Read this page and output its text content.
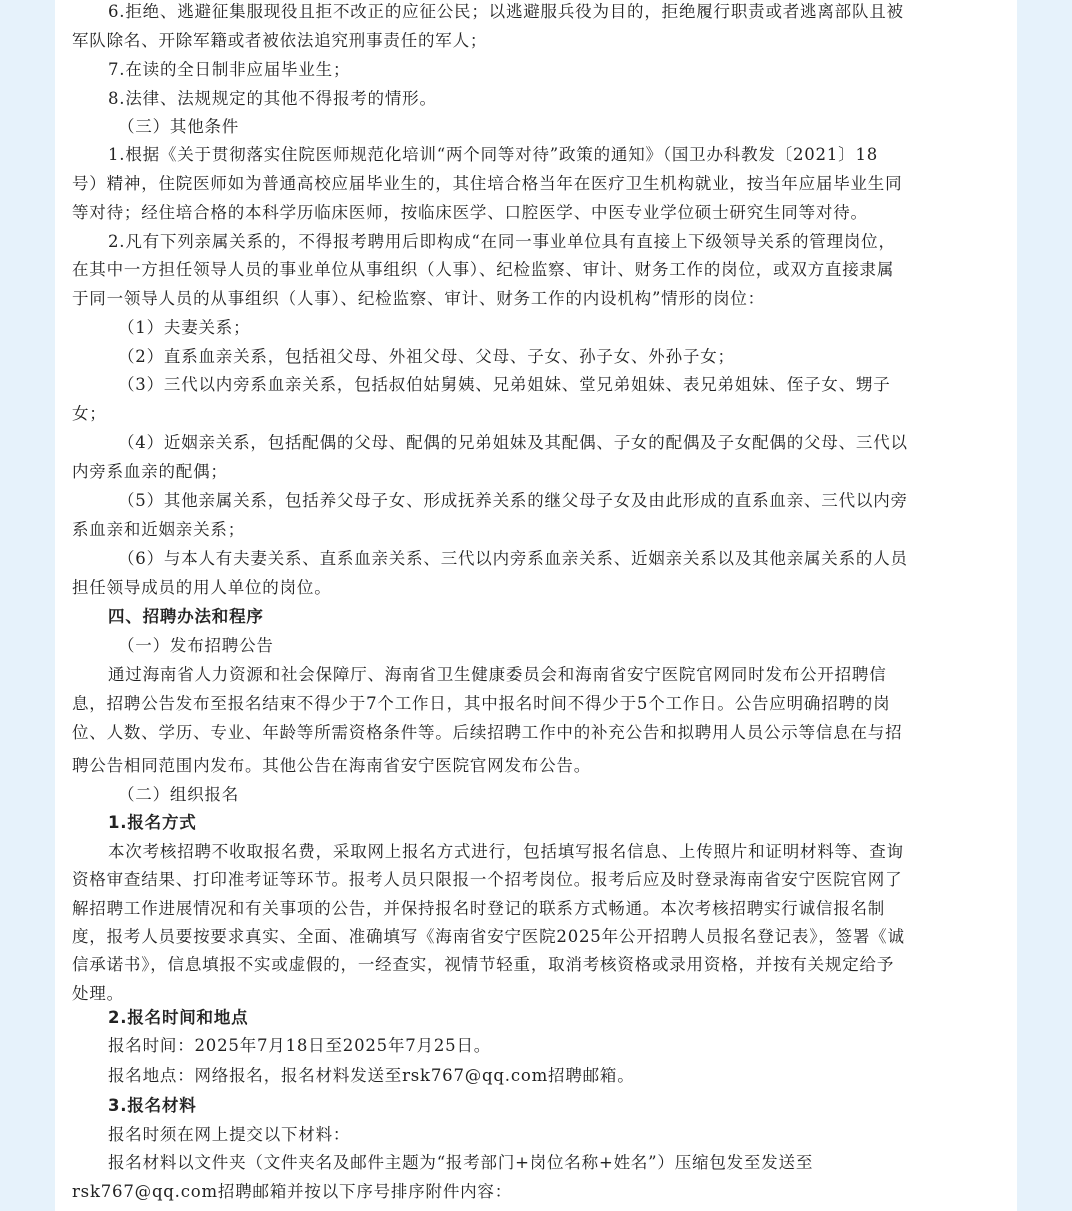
6.拒绝、逃避征集服现役且拒不改正的应征公民；以逃避服兵役为目的，拒绝履行职责或者逃离部队且被
军队除名、开除军籍或者被依法追究刑事责任的军人；
7.在读的全日制非应届毕业生；
8.法律、法规规定的其他不得报考的情形。
（三）其他条件
1.根据《关于贯彻落实住院医师规范化培训“两个同等对待”政策的通知》（国卫办科教发〔2021〕18
号）精神，住院医师如为普通高校应届毕业生的，其住培合格当年在医疗卫生机构就业，按当年应届毕业生同
等对待；经住培合格的本科学历临床医师，按临床医学、口腔医学、中医专业学位硕士研究生同等对待。
2.凡有下列亲属关系的，不得报考聘用后即构成“在同一事业单位具有直接上下级领导关系的管理岗位，
在其中一方担任领导人员的事业单位从事组织（人事）、纪检监察、审计、财务工作的岗位，或双方直接隶属
于同一领导人员的从事组织（人事）、纪检监察、审计、财务工作的内设机构”情形的岗位：
（1）夫妻关系；
（2）直系血亲关系，包括祖父母、外祖父母、父母、子女、孙子女、外孙子女；
（3）三代以内旁系血亲关系，包括叔伯姑舅姨、兄弟姐妹、堂兄弟姐妹、表兄弟姐妹、侄子女、甥子
女；
（4）近姻亲关系，包括配偶的父母、配偶的兄弟姐妹及其配偶、子女的配偶及子女配偶的父母、三代以
内旁系血亲的配偶；
（5）其他亲属关系，包括养父母子女、形成抚养关系的继父母子女及由此形成的直系血亲、三代以内旁
系血亲和近姻亲关系；
（6）与本人有夫妻关系、直系血亲关系、三代以内旁系血亲关系、近姻亲关系以及其他亲属关系的人员
担任领导成员的用人单位的岗位。
四、招聘办法和程序
（一）发布招聘公告
通过海南省人力资源和社会保障厅、海南省卫生健康委员会和海南省安宁医院官网同时发布公开招聘信
息，招聘公告发布至报名结束不得少于7个工作日，其中报名时间不得少于5个工作日。公告应明确招聘的岗
位、人数、学历、专业、年龄等所需资格条件等。后续招聘工作中的补充公告和拟聘用人员公示等信息在与招
聘公告相同范围内发布。其他公告在海南省安宁医院官网发布公告。
（二）组织报名
1.报名方式
本次考核招聘不收取报名费，采取网上报名方式进行，包括填写报名信息、上传照片和证明材料等、查询
资格审查结果、打印准考证等环节。报考人员只限报一个招考岗位。报考后应及时登录海南省安宁医院官网了
解招聘工作进展情况和有关事项的公告，并保持报名时登记的联系方式畅通。本次考核招聘实行诚信报名制
度，报考人员要按要求真实、全面、准确填写《海南省安宁医院2025年公开招聘人员报名登记表》，签署《诚
信承诺书》，信息填报不实或虚假的，一经查实，视情节轻重，取消考核资格或录用资格，并按有关规定给予
处理。
2.报名时间和地点
报名时间：2025年7月18日至2025年7月25日。
报名地点：网络报名，报名材料发送至rsk767@qq.com招聘邮箱。
3.报名材料
报名时须在网上提交以下材料：
报名材料以文件夹（文件夹名及邮件主题为“报考部门+岗位名称+姓名”）压缩包发至发送至
rsk767@qq.com招聘邮箱并按以下序号排序附件内容：
